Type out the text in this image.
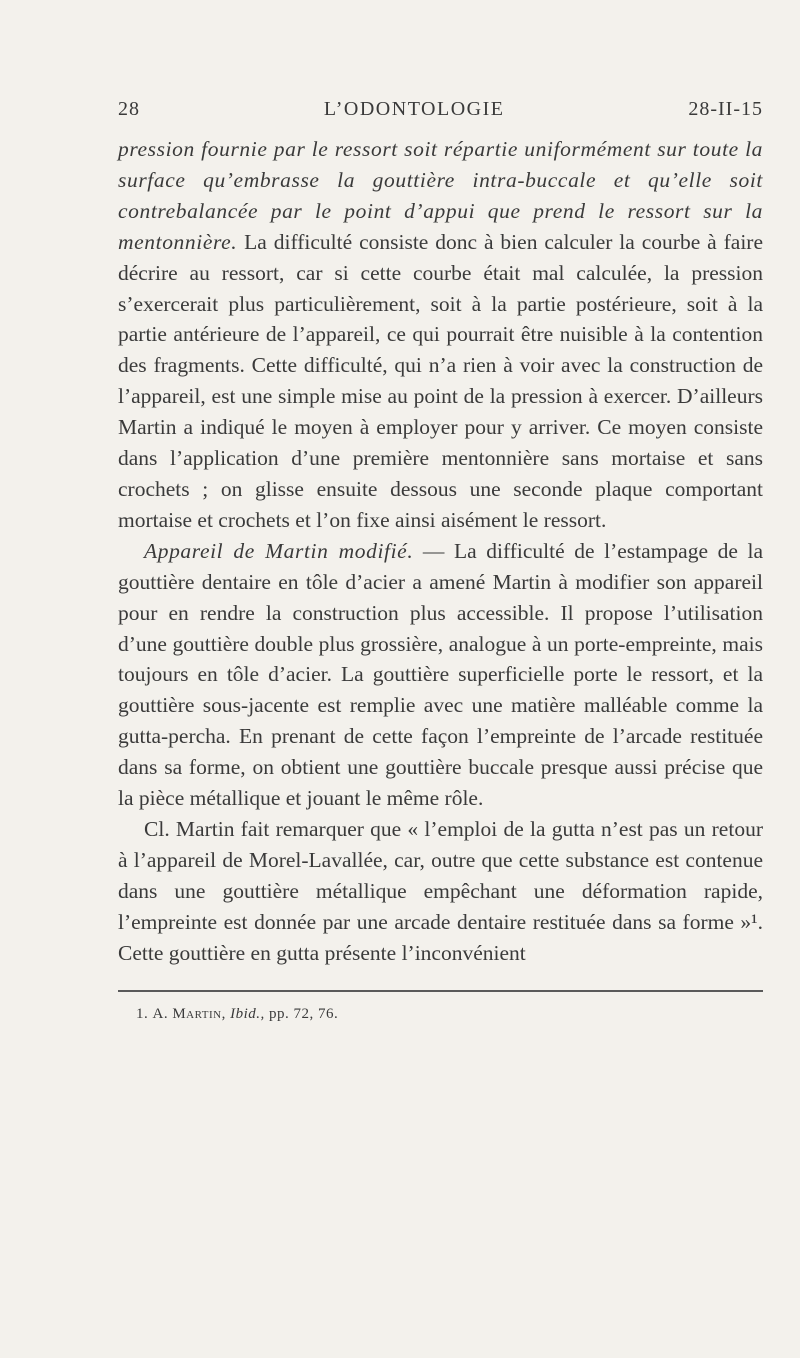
28	L’ODONTOLOGIE	28-II-15

pression fournie par le ressort soit répartie uniformément sur toute la surface qu’embrasse la gouttière intra-buccale et qu’elle soit contrebalancée par le point d’appui que prend le ressort sur la mentonnière. La difficulté consiste donc à bien calculer la courbe à faire décrire au ressort, car si cette courbe était mal calculée, la pression s’exercerait plus particulièrement, soit à la partie postérieure, soit à la partie antérieure de l’appareil, ce qui pourrait être nuisible à la contention des fragments. Cette difficulté, qui n’a rien à voir avec la construction de l’appareil, est une simple mise au point de la pression à exercer. D’ailleurs Martin a indiqué le moyen à employer pour y arriver. Ce moyen consiste dans l’application d’une première mentonnière sans mortaise et sans crochets ; on glisse ensuite dessous une seconde plaque comportant mortaise et crochets et l’on fixe ainsi aisément le ressort.

Appareil de Martin modifié. — La difficulté de l’estampage de la gouttière dentaire en tôle d’acier a amené Martin à modifier son appareil pour en rendre la construction plus accessible. Il propose l’utilisation d’une gouttière double plus grossière, analogue à un porte-empreinte, mais toujours en tôle d’acier. La gouttière superficielle porte le ressort, et la gouttière sous-jacente est remplie avec une matière malléable comme la gutta-percha. En prenant de cette façon l’empreinte de l’arcade restituée dans sa forme, on obtient une gouttière buccale presque aussi précise que la pièce métallique et jouant le même rôle.

Cl. Martin fait remarquer que « l’emploi de la gutta n’est pas un retour à l’appareil de Morel-Lavallée, car, outre que cette substance est contenue dans une gouttière métallique empêchant une déformation rapide, l’empreinte est donnée par une arcade dentaire restituée dans sa forme »¹. Cette gouttière en gutta présente l’inconvénient

1. A. Martin, Ibid., pp. 72, 76.
